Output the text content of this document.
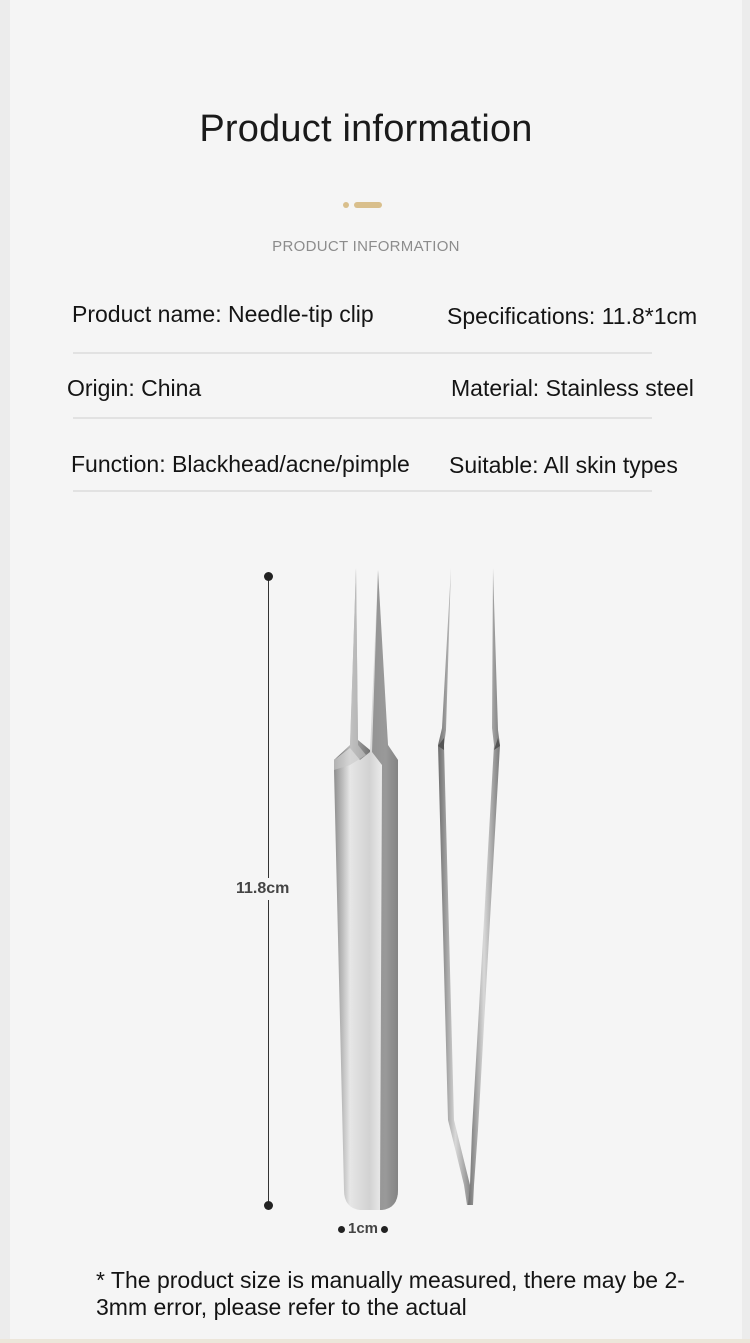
Product information
PRODUCT INFORMATION
Product name: Needle-tip clip	Specifications: 11.8*1cm
Origin: China	Material: Stainless steel
Function: Blackhead/acne/pimple Suitable: All skin types
11.8cm
1cm
* The product size is manually measured, there may be 2-3mm error, please refer to the actual
